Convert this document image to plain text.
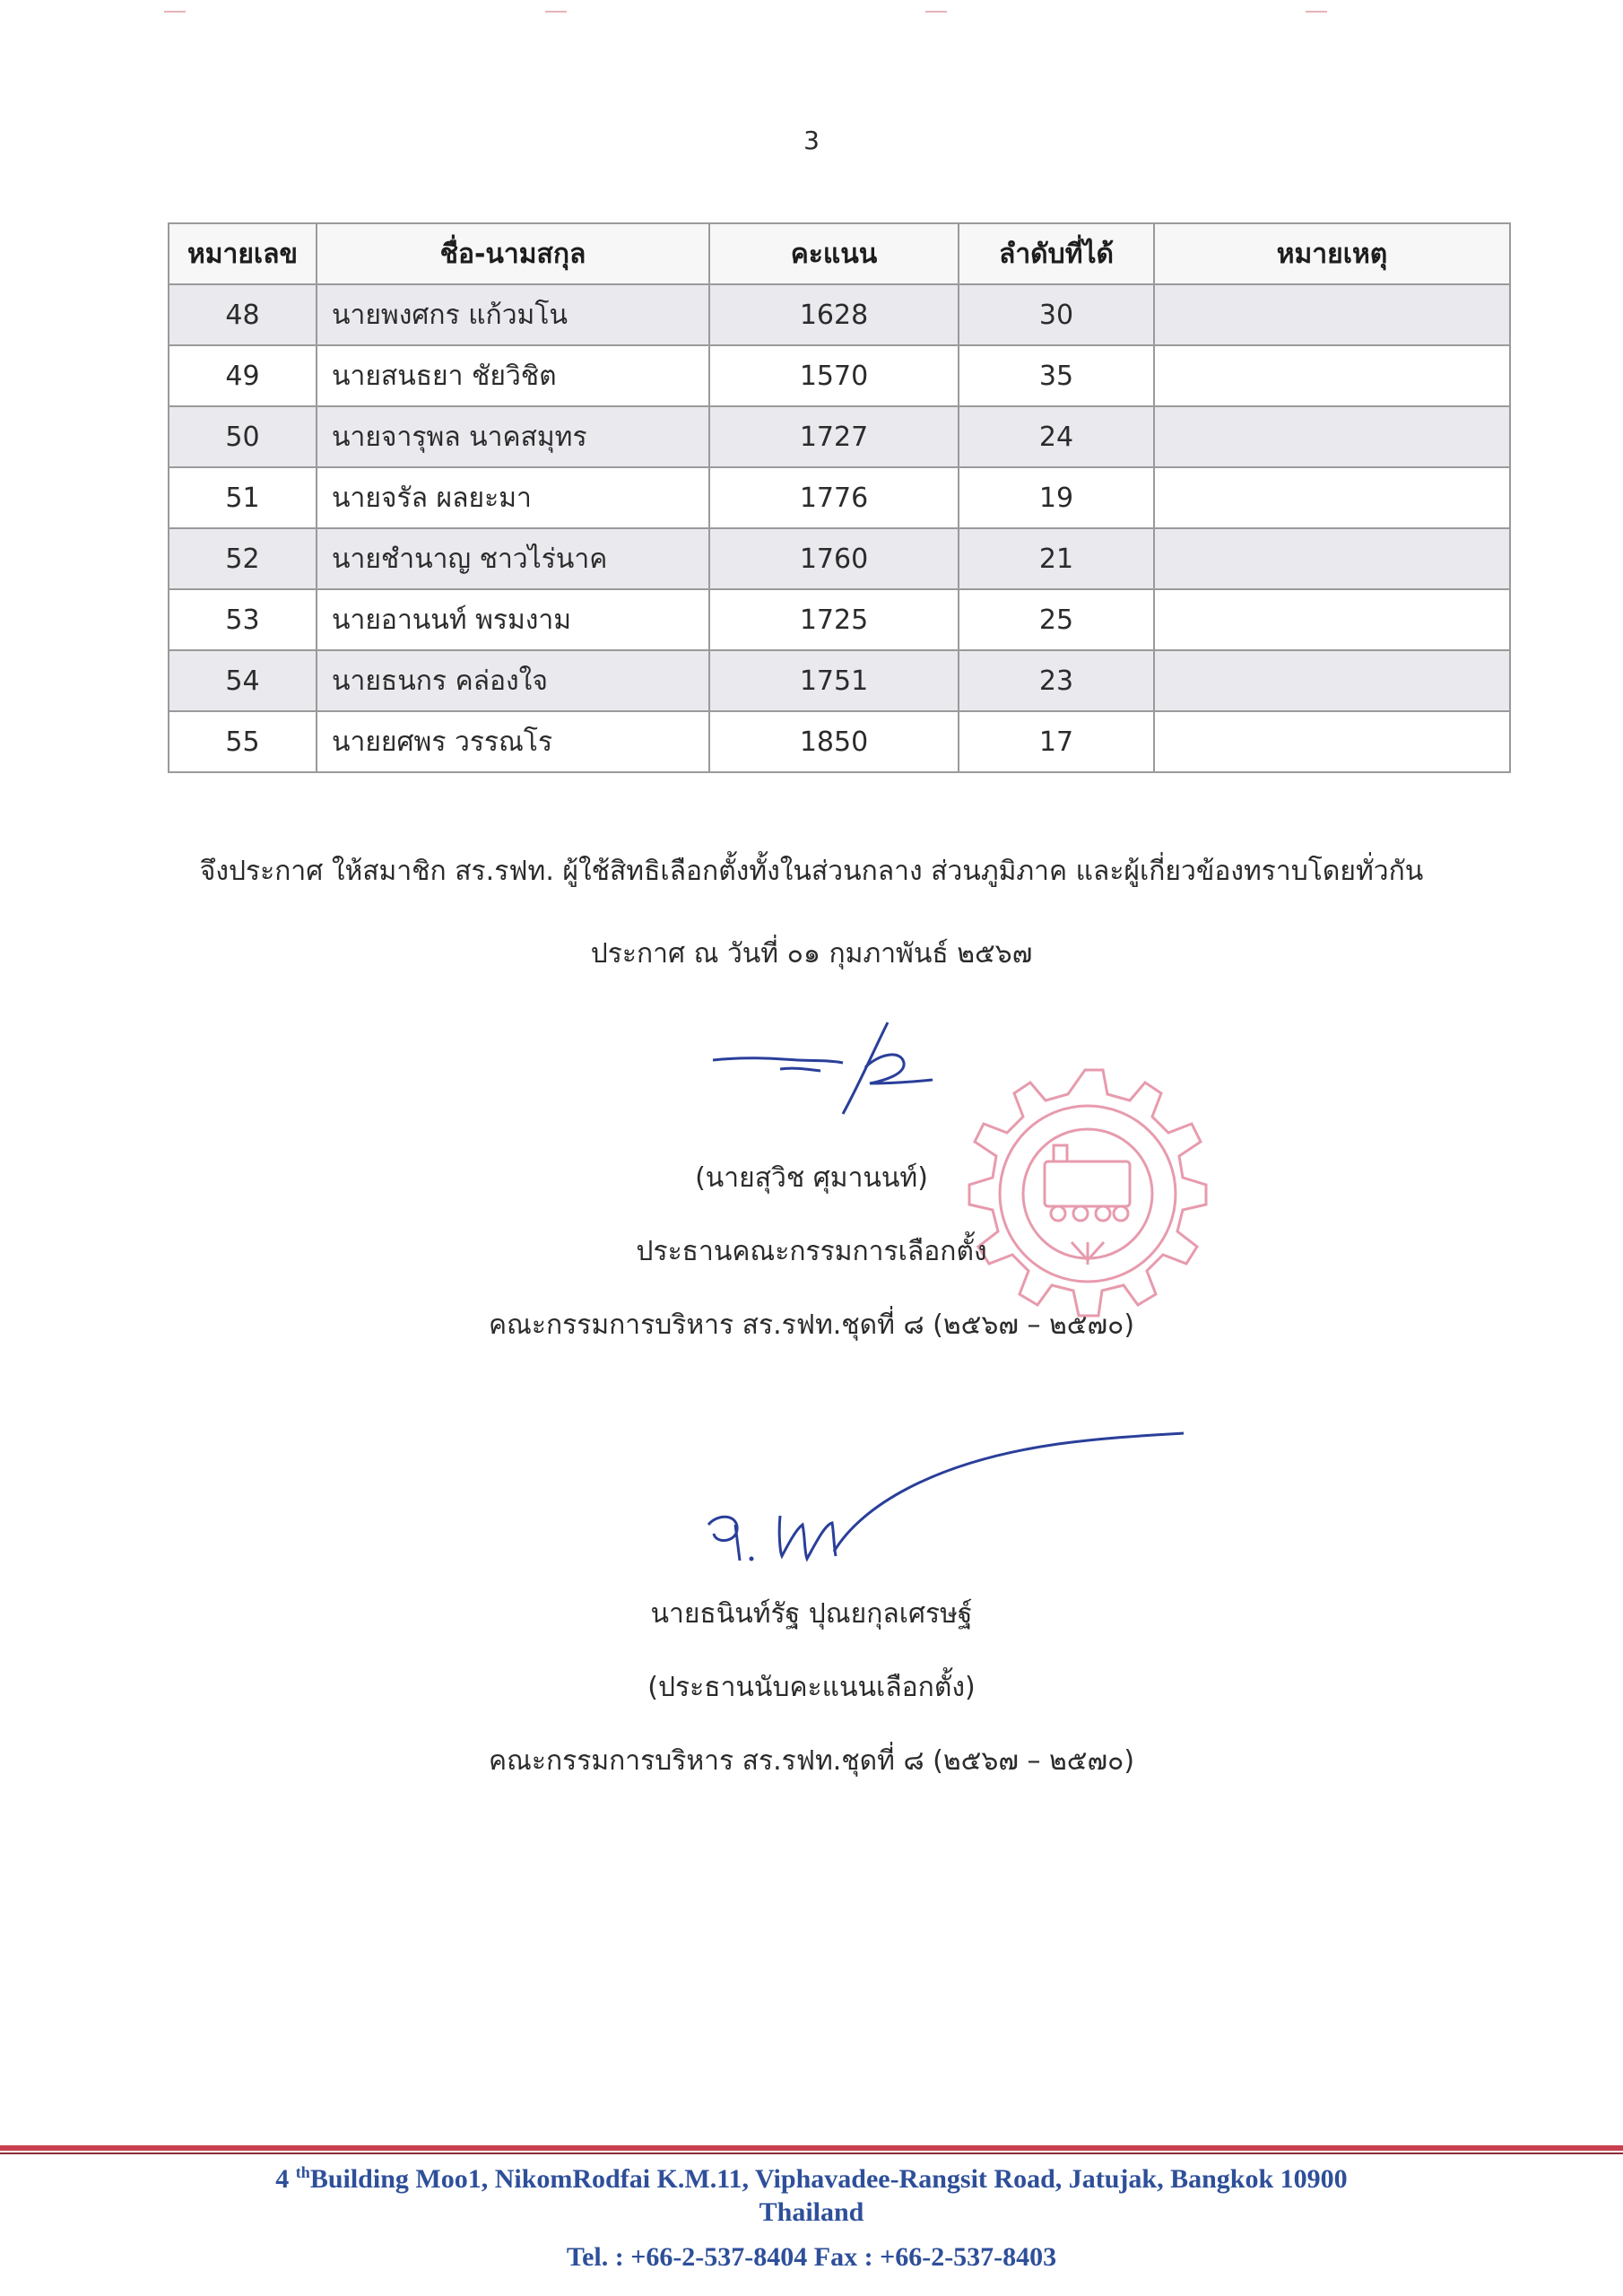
3
หมายเลข	ชื่อ-นามสกุล	คะแนน	ลำดับที่ได้	หมายเหตุ
48	นายพงศกร แก้วมโน	1628	30	
49	นายสนธยา ชัยวิชิต	1570	35	
50	นายจารุพล นาคสมุทร	1727	24	
51	นายจรัล ผลยะมา	1776	19	
52	นายชำนาญ ชาวไร่นาค	1760	21	
53	นายอานนท์ พรมงาม	1725	25	
54	นายธนกร คล่องใจ	1751	23	
55	นายยศพร วรรณโร	1850	17	
จึงประกาศ ให้สมาชิก สร.รฟท. ผู้ใช้สิทธิเลือกตั้งทั้งในส่วนกลาง ส่วนภูมิภาค และผู้เกี่ยวข้องทราบโดยทั่วกัน
ประกาศ ณ วันที่ ๐๑ กุมภาพันธ์ ๒๕๖๗
(นายสุวิช ศุมานนท์)
ประธานคณะกรรมการเลือกตั้ง
คณะกรรมการบริหาร สร.รฟท.ชุดที่ ๘ (๒๕๖๗ – ๒๕๗๐)
นายธนินท์รัฐ ปุณยกุลเศรษฐ์
(ประธานนับคะแนนเลือกตั้ง)
คณะกรรมการบริหาร สร.รฟท.ชุดที่ ๘ (๒๕๖๗ – ๒๕๗๐)
4 $^{th}$Building Moo1, NikomRodfai K.M.11, Viphavadee-Rangsit Road, Jatujak, Bangkok 10900
Thailand
Tel. : +66-2-537-8404 Fax : +66-2-537-8403
